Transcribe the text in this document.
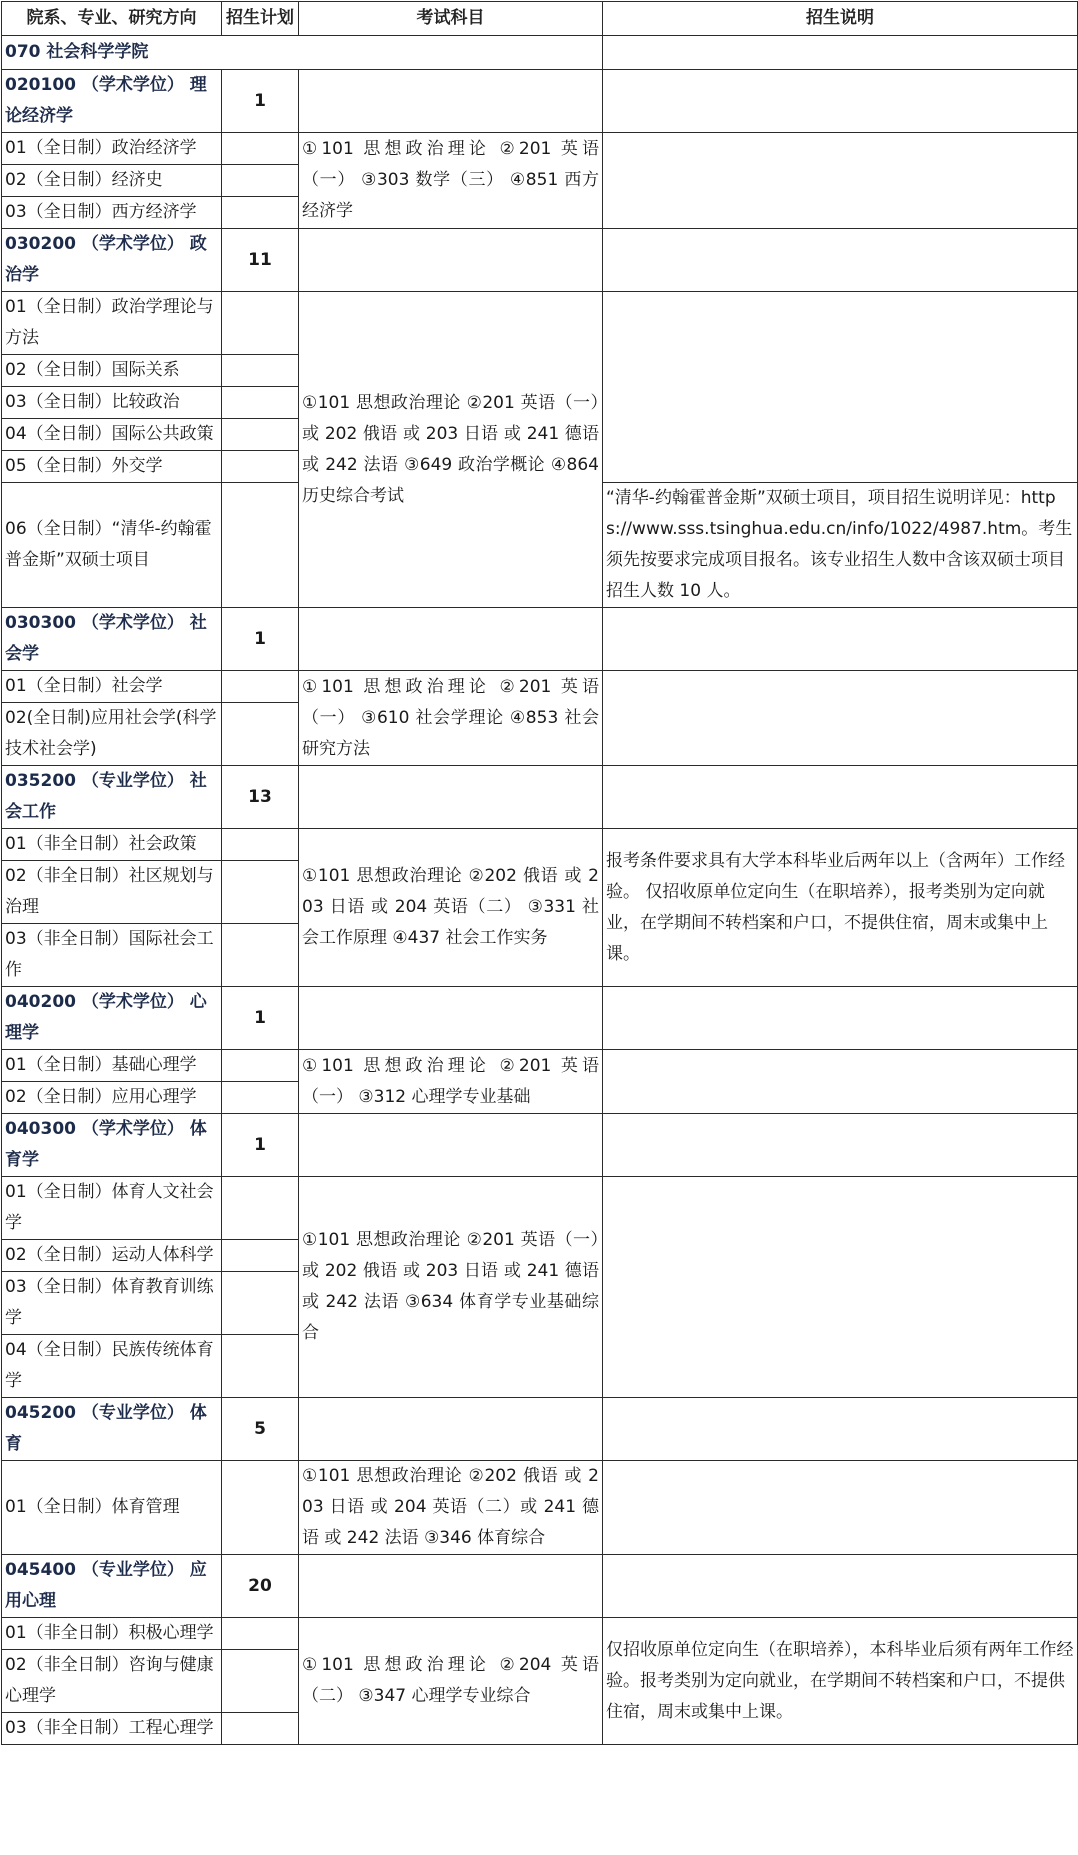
院系、专业、研究方向	招生计划	考试科目	招生说明
070 社会科学学院			
020100 （学术学位） 理论经济学	1		
01（全日制）政治经济学		①101 思想政治理论 ②201 英语（一） ③303 数学（三） ④851 西方经济学	
02（全日制）经济史			
03（全日制）西方经济学			
030200 （学术学位） 政治学	11		
01（全日制）政治学理论与方法		①101 思想政治理论 ②201 英语（一）或 202 俄语 或 203 日语 或 241 德语 或 242 法语 ③649 政治学概论 ④864 历史综合考试	
02（全日制）国际关系			
03（全日制）比较政治			
04（全日制）国际公共政策			
05（全日制）外交学			
06（全日制）“清华-约翰霍普金斯”双硕士项目			“清华-约翰霍普金斯”双硕士项目，项目招生说明详见：https://www.sss.tsinghua.edu.cn/info/1022/4987.htm。考生须先按要求完成项目报名。该专业招生人数中含该双硕士项目招生人数 10 人。
030300 （学术学位） 社会学	1		
01（全日制）社会学		①101 思想政治理论 ②201 英语（一） ③610 社会学理论 ④853 社会研究方法	
02(全日制)应用社会学(科学技术社会学)			
035200 （专业学位） 社会工作	13		
01（非全日制）社会政策		①101 思想政治理论 ②202 俄语 或 203 日语 或 204 英语（二） ③331 社会工作原理 ④437 社会工作实务	报考条件要求具有大学本科毕业后两年以上（含两年）工作经验。 仅招收原单位定向生（在职培养），报考类别为定向就业，在学期间不转档案和户口，不提供住宿，周末或集中上课。
02（非全日制）社区规划与治理			
03（非全日制）国际社会工作			
040200 （学术学位） 心理学	1		
01（全日制）基础心理学		①101 思想政治理论 ②201 英语（一） ③312 心理学专业基础	
02（全日制）应用心理学			
040300 （学术学位） 体育学	1		
01（全日制）体育人文社会学		①101 思想政治理论 ②201 英语（一）或 202 俄语 或 203 日语 或 241 德语 或 242 法语 ③634 体育学专业基础综合	
02（全日制）运动人体科学			
03（全日制）体育教育训练学			
04（全日制）民族传统体育学			
045200 （专业学位） 体育	5		
01（全日制）体育管理		①101 思想政治理论 ②202 俄语 或 203 日语 或 204 英语（二）或 241 德语 或 242 法语 ③346 体育综合	
045400 （专业学位） 应用心理	20		
01（非全日制）积极心理学		①101 思想政治理论 ②204 英语（二） ③347 心理学专业综合	仅招收原单位定向生（在职培养），本科毕业后须有两年工作经验。报考类别为定向就业，在学期间不转档案和户口，不提供住宿，周末或集中上课。
02（非全日制）咨询与健康心理学			
03（非全日制）工程心理学			
